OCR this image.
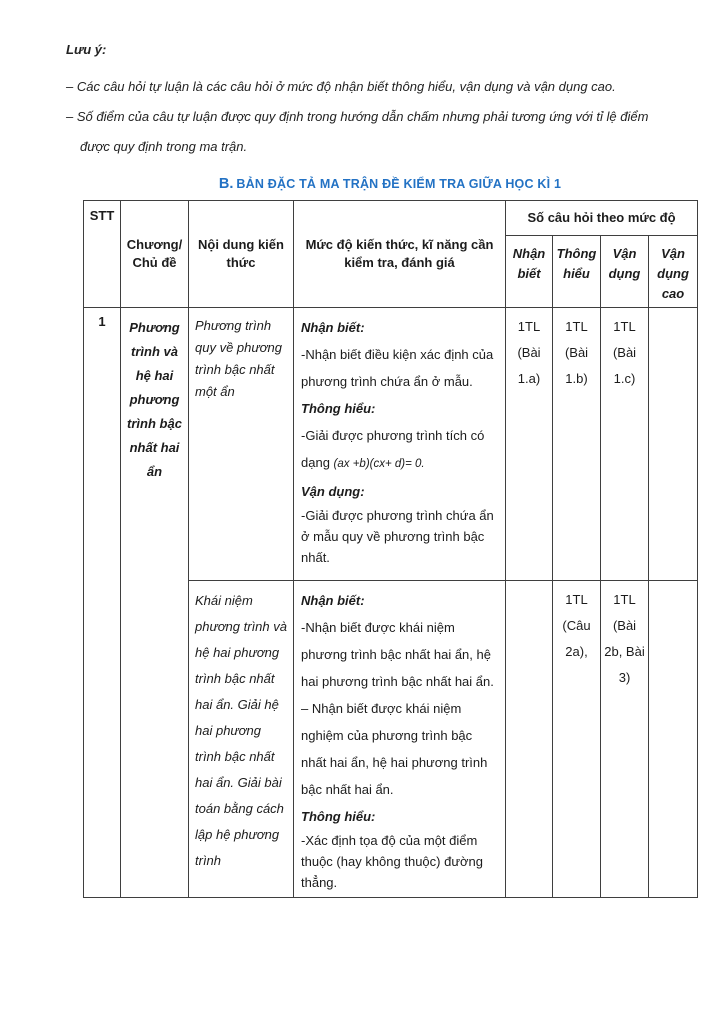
Lưu ý:

– Các câu hỏi tự luận là các câu hỏi ở mức độ nhận biết thông hiểu, vận dụng và vận dụng cao.

– Số điểm của câu tự luận được quy định trong hướng dẫn chấm nhưng phải tương ứng với tỉ lệ điểm được quy định trong ma trận.

B. BẢN ĐẶC TẢ MA TRẬN ĐỀ KIỂM TRA GIỮA HỌC KÌ 1
STT	Chương/ Chủ đề	Nội dung kiến thức	Mức độ kiến thức, kĩ năng cần kiểm tra, đánh giá	Số câu hỏi theo mức độ			
				Nhận biết	Thông hiểu	Vận dụng	Vận dụng cao
1	Phương trình và hệ hai phương trình bậc nhất hai ẩn	Phương trình quy về phương trình bậc nhất một ẩn	

Nhận biết:

-Nhận biết điều kiện xác định của phương trình chứa ẩn ở mẫu.

Thông hiểu:

-Giải được phương trình tích có dạng (ax +b)(cx+ d)= 0.

Vận dụng:

-Giải được phương trình chứa ẩn ở mẫu quy về phương trình bậc nhất.

	1TL (Bài 1.a)	1TL (Bài 1.b)	1TL (Bài 1.c)	
		Khái niệm phương trình và hệ hai phương trình bậc nhất hai ẩn. Giải hệ hai phương trình bậc nhất hai ẩn. Giải bài toán bằng cách lập hệ phương trình	Nhận biết:

-Nhận biết được khái niệm phương trình bậc nhất hai ẩn, hệ hai phương trình bậc nhất hai ẩn. – Nhận biết được khái niệm nghiệm của phương trình bậc nhất hai ẩn, hệ hai phương trình bậc nhất hai ẩn.

Thông hiểu:

-Xác định tọa độ của một điểm thuộc (hay không thuộc) đường thẳng.		1TL (Câu 2a),	1TL (Bài 2b, Bài 3)	
